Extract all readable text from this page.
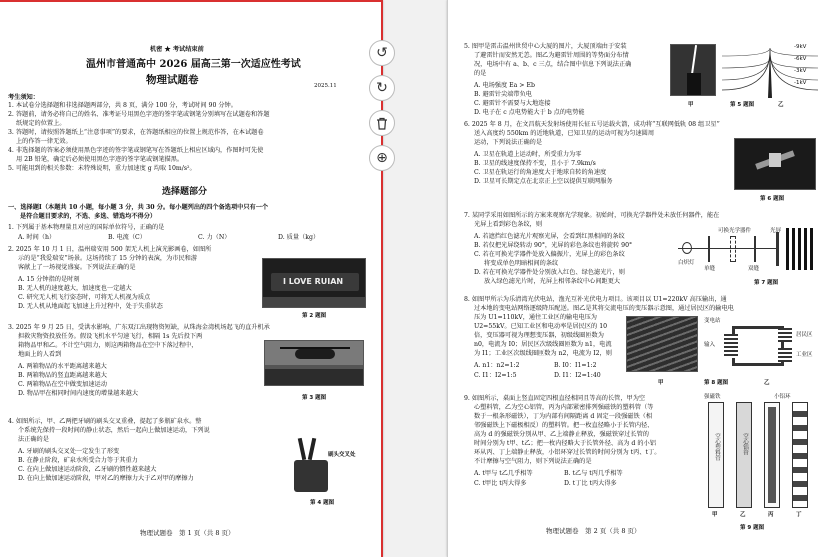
机密 ★ 考试结束前
温州市普通高中 2026 届高三第一次适应性考试
物理试题卷	2025.11
考生须知：
1. 本试卷分选择题和非选择题两部分，共 8 页，满分 100 分，考试时间 90 分钟。
2. 答题前，请务必将自己的姓名、准考证号用黑色字迹的签字笔或钢笔分别填写在试题卷和答题
纸规定的位置上。
3. 答题时，请按照答题纸上“注意事项”的要求，在答题纸相应的位置上规范作答，在本试题卷
上的作答一律无效。
4. 非选择题的答案必须使用黑色字迹的签字笔或钢笔写在答题纸上相应区域内，作图时可先使
用 2B 铅笔，确定后必须使用黑色字迹的签字笔或钢笔描黑。
5. 可能用到的相关参数：未特殊说明，重力加速度 g 均取 10m/s²。
选择题部分
一、选择题Ⅰ（本题共 10 小题，每小题 3 分，共 30 分。每小题列出的四个备选项中只有一个
是符合题目要求的，不选、多选、错选均不得分）
1. 下列属于基本物理量且对应的国际单位符号，正确的是
A. 时间（h）	B. 电流（C）	C. 力（N）	D. 质量（kg）
2. 2025 年 10 月 1 日，温州瑞安用 500 架无人机上演光影画卷，如图所
示的是“我爱瑞安”场景。这场持续了 15 分钟的表演，为市民和游
客献上了一场视觉盛宴。下列说法正确的是
A. 15 分钟指的是时刻
B. 无人机的速度越大，加速度也一定越大
C. 研究无人机飞行姿态时，可将无人机视为质点
D. 无人机从地面起飞加速上升过程中，处于失重状态
I LOVE RUIAN
第 2 题图
3. 2025 年 9 月 25 日，受洪水影响，广东双江出现物资短缺，从珠海金湾机场起飞的直升机承
担救灾物资投放任务。假设飞机水平匀速飞行，相隔 1s 先后投下两
箱物品甲和乙。不计空气阻力，则这两箱物品在空中下落过程中，
地面上的人看到
A. 两箱物品的水平距离越来越大
B. 两箱物品的竖直距离越来越大
C. 两箱物品在空中做变加速运动
D. 物品甲在相同时间内速度的增量越来越大
第 3 题图
4. 如图所示，甲、乙两把牙刷的刷头交叉重叠，提起了多瓶矿泉水。整
个系统先保持一段时间的静止状态，然后一起向上做加速运动，下列说
法正确的是
A. 牙刷的刷头交叉处一定发生了形变
B. 在静止阶段，矿泉水所受合力等于其重力
C. 在向上做加速运动阶段，乙牙刷的惯性越来越大
D. 在向上做加速运动阶段，甲对乙的摩擦力大于乙对甲的摩擦力
刷头交叉处
第 4 题图
物理试题卷　第 1 页（共 8 页）
↺
↻
⊕
5. 图甲是雷击温州世贸中心大厦的图片，大厦顶端由于安装
了避雷针而安然无恙。图乙为避雷针周围的等势面分布情
况，电场中有 a、b、c 三点，结合图中信息下列说法正确
的是
A. 电场强度 Ea > Eb
B. 避雷针尖端带负电
C. 避雷针不需要与大地连接
D. 电子在 c 点电势能大于 b 点的电势能
-9kV
-6kV
-3kV
-1kV
甲	第 5 题图	乙
6. 2025 年 8 月，在文昌航天发射场使用长征五号运载火箭，成功将“互联网低轨 08 组卫星”
送入高度约 550km 的近地轨道，已知卫星的运动可视为匀速圆周
运动，下列说法正确的是
A. 卫星在轨道上运动时，所受重力为零
B. 卫星的线速度保持不变，且小于 7.9km/s
C. 卫星在轨运行的角速度大于地球自转的角速度
D. 卫星可长期定点在北京正上空以提供互联网服务
第 6 题图
7. 某同学采用如图所示的方案来观察光学现象。初始时，可换光学器件处未放任何器件，能在
光屏上看到彩色条纹，则
A. 若遮挡红色滤光片观察光屏，会看到红黑相间的条纹
B. 若仅把光屏绕转动 90°，光屏的彩色条纹也将旋转 90°
C. 若在可换光学器件处放入偏振片，光屏上的彩色条纹
将变成单色明暗相间的条纹
D. 若在可换光学器件处分别放入红色、绿色滤光片，则
放入绿色滤光片时，光屏上相邻条纹中心间距更大
白炽灯
单缝
可换光学器件
双缝
光屏
第 7 题图
8. 如图甲所示为乐清湾光伏电站，渔光互补光伏电力项目。该项目以 U1=220kV 高压输出，通
过本地的变电站网络逐级降压配送。图乙是其将交流电压的变压器示意图，通过居民区的输电电
压为 U1=110kV，通往工业区的输电电压为
U2=55kV。已知工业区和电动率是居民区的 10
倍，变压器可视为理想变压器，初级线圈匝数为
n0，电流为 I0；居民区次级线圈匝数为 n1，电流
为 I1；工业区次级线圈匝数为 n2，电流为 I2，则
A. n1：n2=1:2	B. I0：I1=1:2
C. I1：I2=1:5	D. I1：I2=1:40
变电站
输入
居民区
工业区
甲	第 8 题图	乙
9. 如图所示，桌面上竖直固定四根直径相同且等高的长管，甲为空
心塑料管，乙为空心铝管，丙为内部紧密排列强磁铁的塑料管（等
数于一根条形磁铁），丁为内部有间隔距离 d 固定一段强磁铁（相
邻强磁铁上下磁极相反）的塑料管。把一枚直径略小于长管内径、
高为 d 的强磁铁分别从甲、乙上端静止释放，强磁铁穿过长管的
时间分别为 t甲、t乙；把一枚内径略大于长管外径、高为 d 的小铝
环从丙、丁上端静止释放，小铝环穿过长管的时间分别为 t丙、t丁。
不计摩擦与空气阻力，则下列说法正确的是
A. t甲与 t乙几乎相等	B. t乙与 t丙几乎相等
C. t甲比 t丙大得多	D. t丁比 t丙大得多
强磁铁	小铝环
空心塑料管	空心铝管
甲	乙	丙	丁
第 9 题图
物理试题卷　第 2 页（共 8 页）
